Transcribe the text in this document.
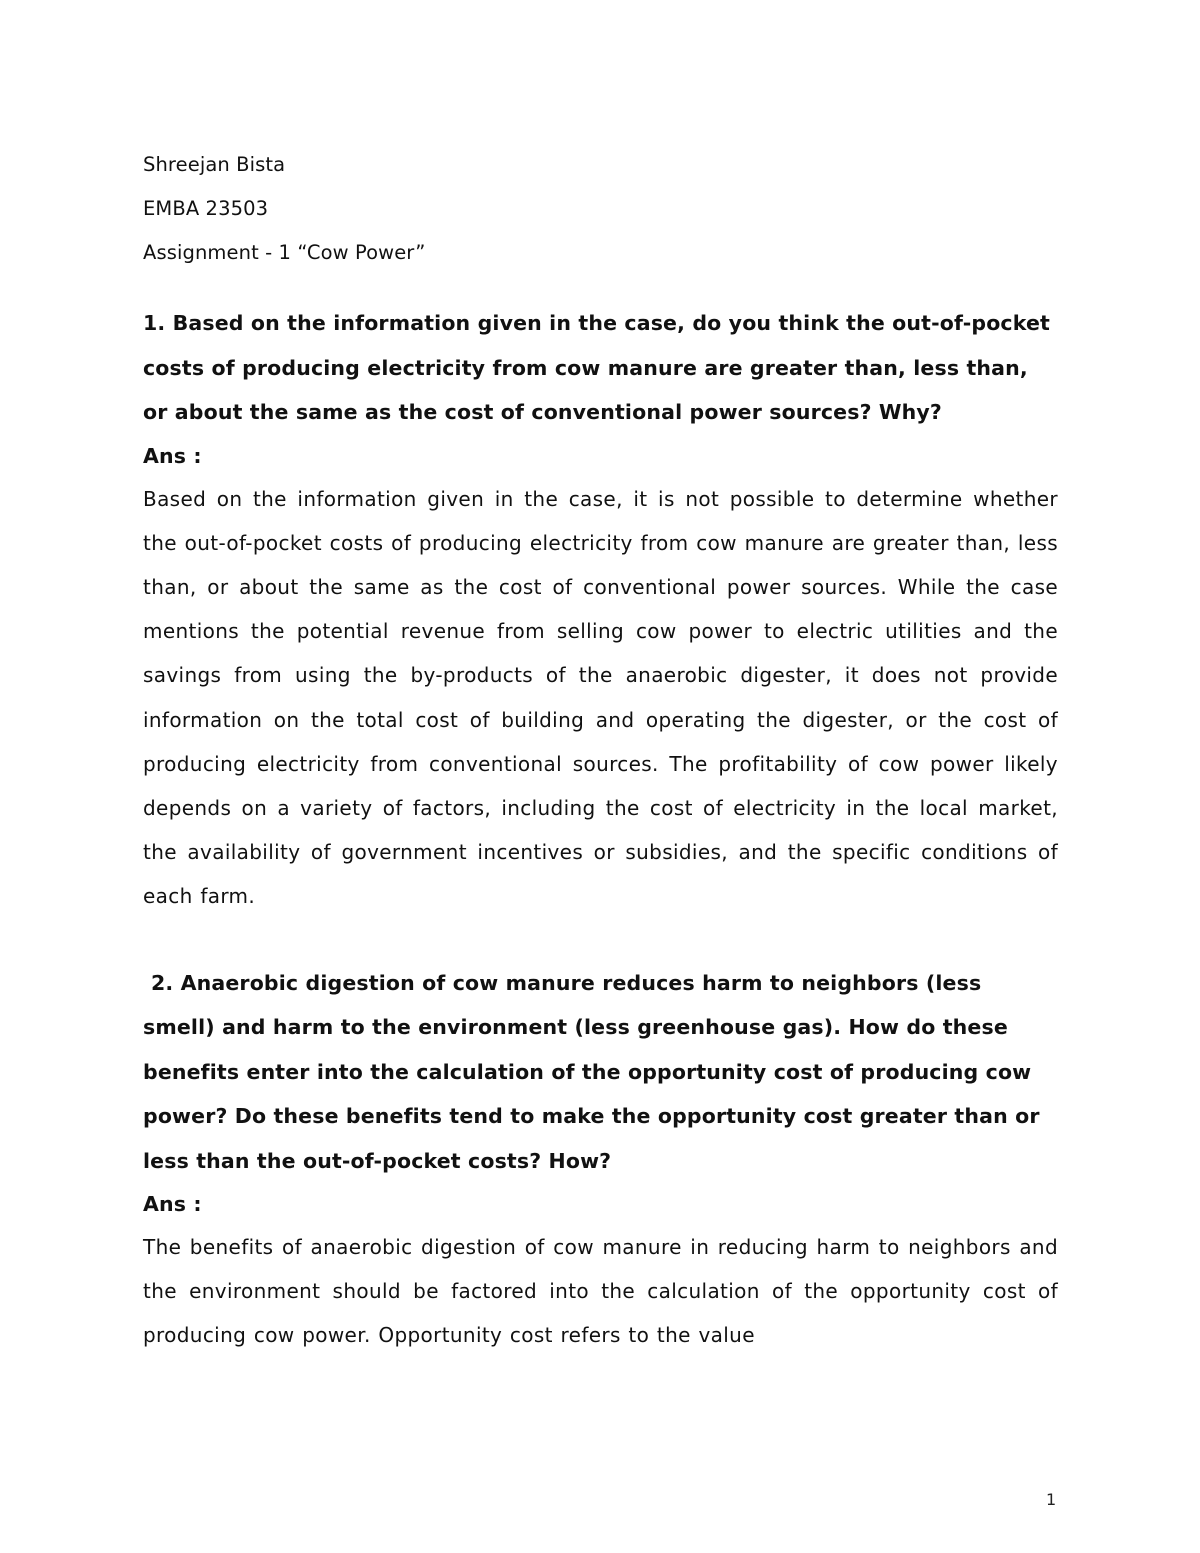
Shreejan Bista

EMBA 23503

Assignment - 1 “Cow Power”

1. Based on the information given in the case, do you think the out-of-pocket costs of producing electricity from cow manure are greater than, less than, or about the same as the cost of conventional power sources? Why?

Ans :

Based on the information given in the case, it is not possible to determine whether the out-of-pocket costs of producing electricity from cow manure are greater than, less than, or about the same as the cost of conventional power sources. While the case mentions the potential revenue from selling cow power to electric utilities and the savings from using the by-products of the anaerobic digester, it does not provide information on the total cost of building and operating the digester, or the cost of producing electricity from conventional sources. The profitability of cow power likely depends on a variety of factors, including the cost of electricity in the local market, the availability of government incentives or subsidies, and the specific conditions of each farm.

2. Anaerobic digestion of cow manure reduces harm to neighbors (less smell) and harm to the environment (less greenhouse gas). How do these benefits enter into the calculation of the opportunity cost of producing cow power? Do these benefits tend to make the opportunity cost greater than or less than the out-of-pocket costs? How?

Ans :

The benefits of anaerobic digestion of cow manure in reducing harm to neighbors and the environment should be factored into the calculation of the opportunity cost of producing cow power. Opportunity cost refers to the value

1
